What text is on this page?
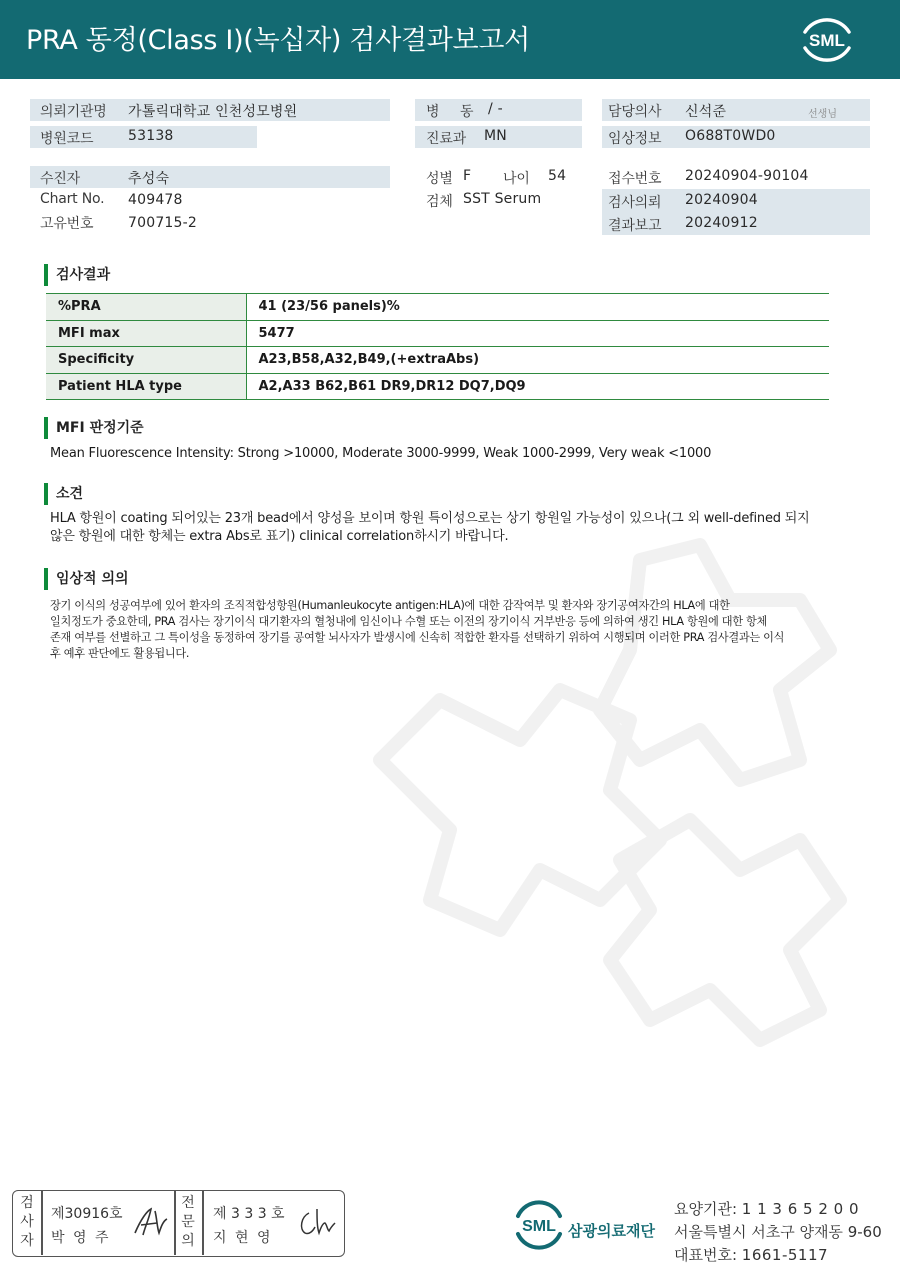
PRA 동정(Class I)(녹십자) 검사결과보고서	SML
의뢰기관명 가톨릭대학교 인천성모병원
병원코드 53138
병 동 / -
진료과 MN
담당의사 신석준	선생님
임상정보 O688T0WD0
수진자	추성숙
Chart No. 409478
고유번호 700715-2
성별 F 나이 54
검체 SST Serum
접수번호 20240904-90104
검사의뢰 20240904
결과보고 20240912
검사결과
%PRA	41 (23/56 panels)%
MFI max	5477
Specificity	A23,B58,A32,B49,(+extraAbs)
Patient HLA type	A2,A33 B62,B61 DR9,DR12 DQ7,DQ9
MFI 판정기준
Mean Fluorescence Intensity: Strong >10000, Moderate 3000-9999, Weak 1000-2999, Very weak <1000
소견
HLA 항원이 coating 되어있는 23개 bead에서 양성을 보이며 항원 특이성으로는 상기 항원일 가능성이 있으나(그 외 well-defined 되지
않은 항원에 대한 항체는 extra Abs로 표기) clinical correlation하시기 바랍니다.
임상적 의의
장기 이식의 성공여부에 있어 환자의 조직적합성항원(Humanleukocyte antigen:HLA)에 대한 감작여부 및 환자와 장기공여자간의 HLA에 대한
일치정도가 중요한데, PRA 검사는 장기이식 대기환자의 혈청내에 임신이나 수혈 또는 이전의 장기이식 거부반응 등에 의하여 생긴 HLA 항원에 대한 항체
존재 여부를 선별하고 그 특이성을 동정하여 장기를 공여할 뇌사자가 발생시에 신속히 적합한 환자를 선택하기 위하여 시행되며 이러한 PRA 검사결과는 이식
후 예후 판단에도 활용됩니다.
검
사
자
제30916호
박 영 주
전
문
의
제 3 3 3 호
지 현 영
SML 삼광의료재단
요양기관: 1 1 3 6 5 2 0 0
서울특별시 서초구 양재동 9-60
대표번호: 1661-5117
